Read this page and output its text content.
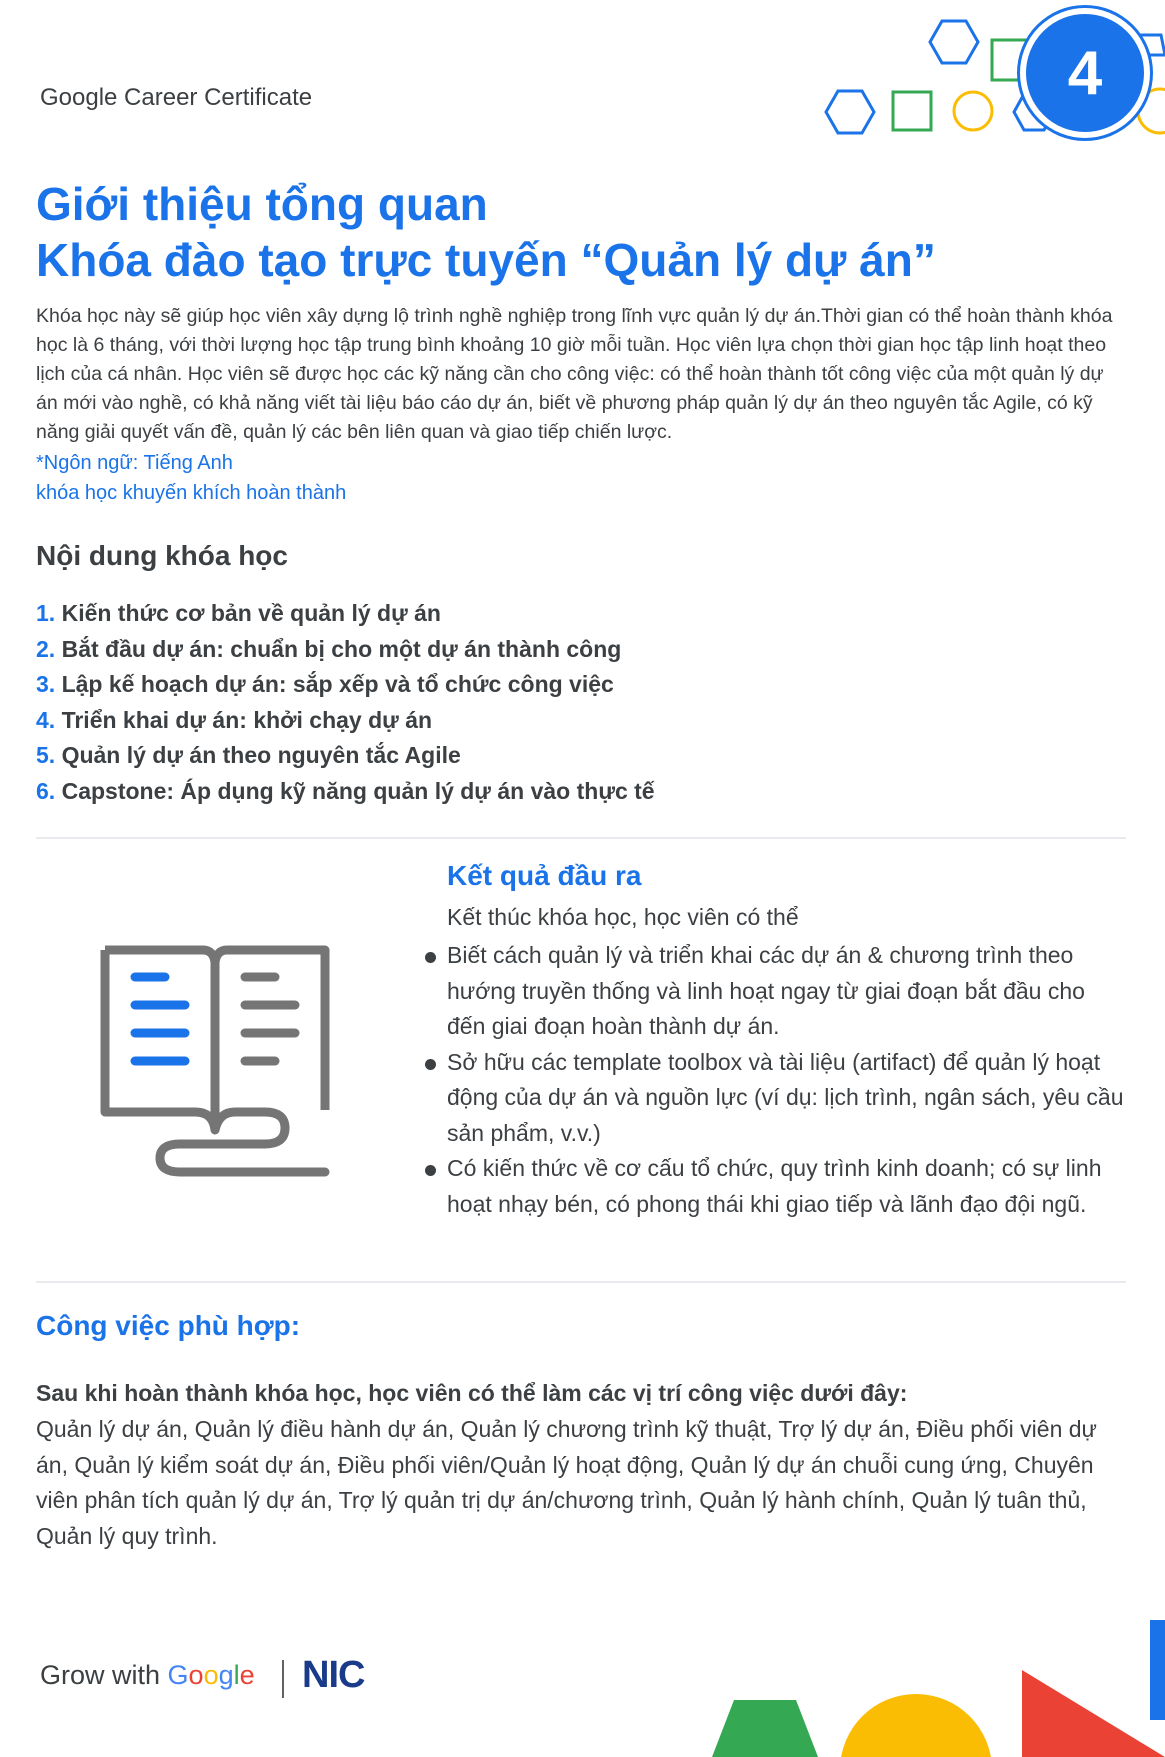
4
Google Career Certificate
Giới thiệu tổng quan
Khóa đào tạo trực tuyến “Quản lý dự án”

Khóa học này sẽ giúp học viên xây dựng lộ trình nghề nghiệp trong lĩnh vực quản lý dự án.Thời gian có thể hoàn thành khóa học là 6 tháng, với thời lượng học tập trung bình khoảng 10 giờ mỗi tuần. Học viên lựa chọn thời gian học tập linh hoạt theo lịch của cá nhân. Học viên sẽ được học các kỹ năng cần cho công việc: có thể hoàn thành tốt công việc của một quản lý dự án mới vào nghề, có khả năng viết tài liệu báo cáo dự án, biết về phương pháp quản lý dự án theo nguyên tắc Agile, có kỹ năng giải quyết vấn đề, quản lý các bên liên quan và giao tiếp chiến lược.

*Ngôn ngữ: Tiếng Anh
khóa học khuyến khích hoàn thành
Nội dung khóa học
1. Kiến thức cơ bản về quản lý dự án
2. Bắt đầu dự án: chuẩn bị cho một dự án thành công
3. Lập kế hoạch dự án: sắp xếp và tổ chức công việc
4. Triển khai dự án: khởi chạy dự án
5. Quản lý dự án theo nguyên tắc Agile
6. Capstone: Áp dụng kỹ năng quản lý dự án vào thực tế
Kết quả đầu ra
Kết thúc khóa học, học viên có thể
Biết cách quản lý và triển khai các dự án & chương trình theo hướng truyền thống và linh hoạt ngay từ giai đoạn bắt đầu cho đến giai đoạn hoàn thành dự án.
Sở hữu các template toolbox và tài liệu (artifact) để quản lý hoạt động của dự án và nguồn lực (ví dụ: lịch trình, ngân sách, yêu cầu sản phẩm, v.v.)
Có kiến thức về cơ cấu tổ chức, quy trình kinh doanh; có sự linh hoạt nhạy bén, có phong thái khi giao tiếp và lãnh đạo đội ngũ.
Công việc phù hợp:
Sau khi hoàn thành khóa học, học viên có thể làm các vị trí công việc dưới đây:

Quản lý dự án, Quản lý điều hành dự án, Quản lý chương trình kỹ thuật, Trợ lý dự án, Điều phối viên dự án, Quản lý kiểm soát dự án, Điều phối viên/Quản lý hoạt động, Quản lý dự án chuỗi cung ứng, Chuyên viên phân tích quản lý dự án, Trợ lý quản trị dự án/chương trình, Quản lý hành chính, Quản lý tuân thủ, Quản lý quy trình.

Grow with Google NIC
